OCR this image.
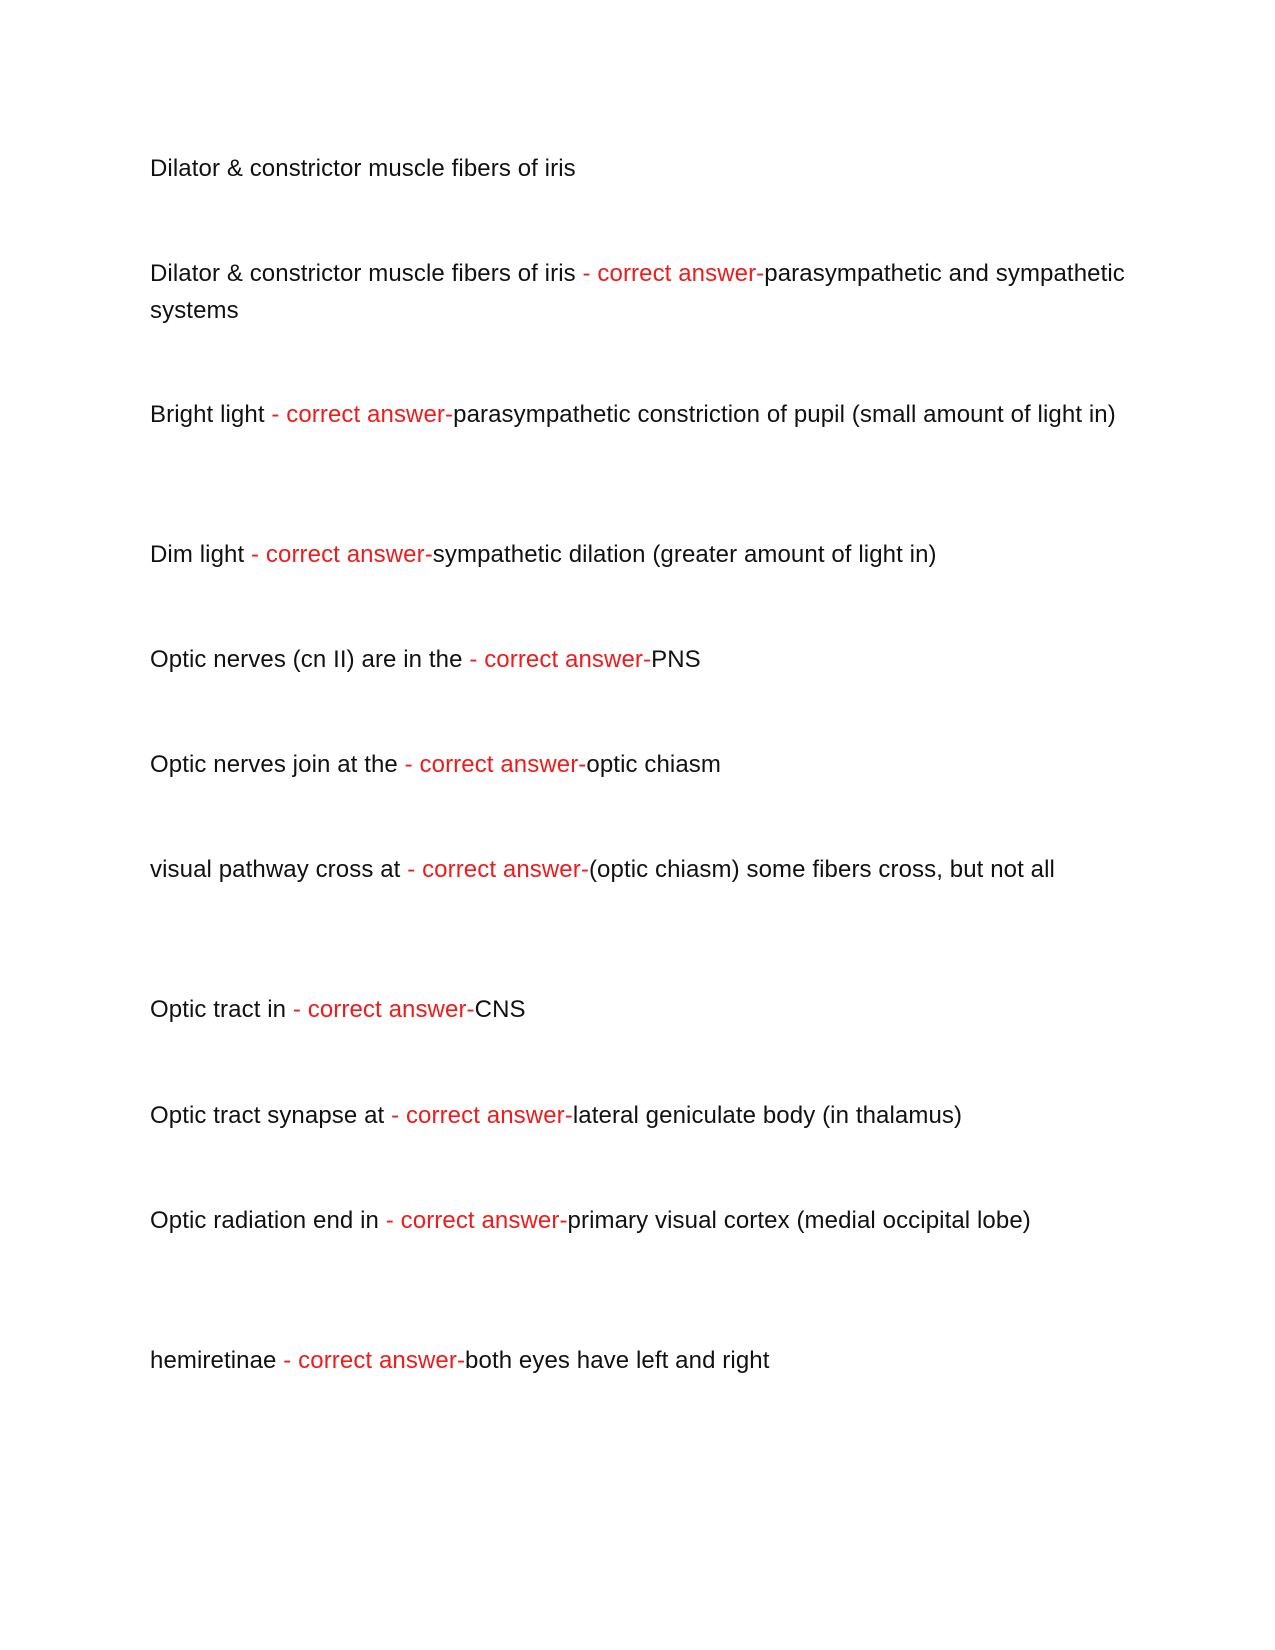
Dilator & constrictor muscle fibers of iris
Dilator & constrictor muscle fibers of iris - correct answer-parasympathetic and sympathetic systems
Bright light - correct answer-parasympathetic constriction of pupil (small amount of light in)
Dim light - correct answer-sympathetic dilation (greater amount of light in)
Optic nerves (cn II) are in the - correct answer-PNS
Optic nerves join at the - correct answer-optic chiasm
visual pathway cross at - correct answer-(optic chiasm) some fibers cross, but not all
Optic tract in - correct answer-CNS
Optic tract synapse at - correct answer-lateral geniculate body (in thalamus)
Optic radiation end in - correct answer-primary visual cortex (medial occipital lobe)
hemiretinae - correct answer-both eyes have left and right
